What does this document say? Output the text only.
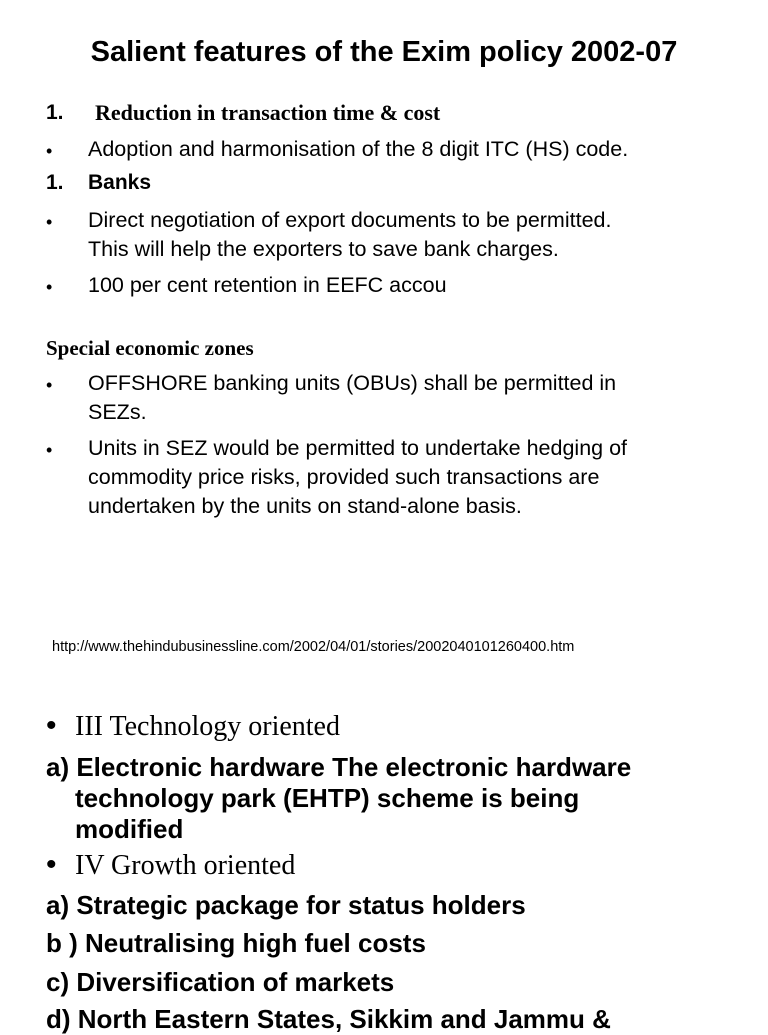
Salient features of the Exim policy 2002-07
1. Reduction in transaction time & cost
• Adoption and harmonisation of the 8 digit ITC (HS) code.
1. Banks
• Direct negotiation of export documents to be permitted.
This will help the exporters to save bank charges.
• 100 per cent retention in EEFC accou
Special economic zones
• OFFSHORE banking units (OBUs) shall be permitted in
SEZs.
• Units in SEZ would be permitted to undertake hedging of
commodity price risks, provided such transactions are
undertaken by the units on stand-alone basis.
http://www.thehindubusinessline.com/2002/04/01/stories/2002040101260400.htm
• III Technology oriented
a) Electronic hardware The electronic hardware
technology park (EHTP) scheme is being
modified
• IV Growth oriented
a) Strategic package for status holders
b ) Neutralising high fuel costs
c) Diversification of markets
d) North Eastern States, Sikkim and Jammu &
